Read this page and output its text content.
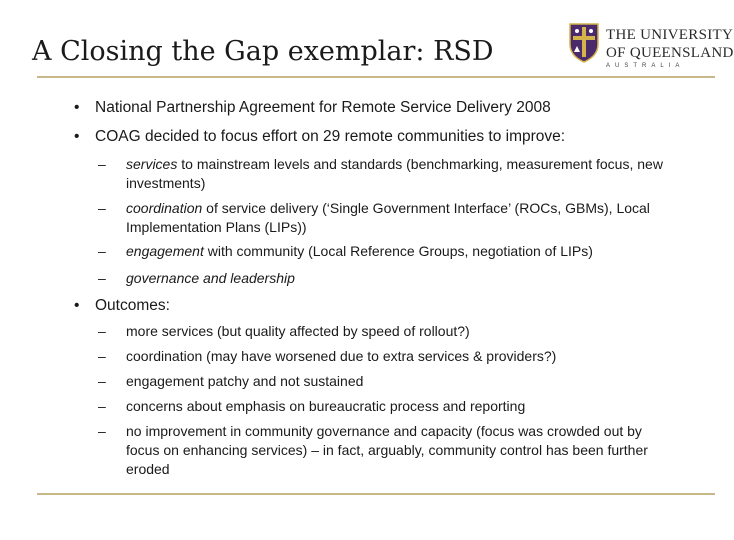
A Closing the Gap exemplar: RSD
THE UNIVERSITY
OF QUEENSLAND
AUSTRALIA
• National Partnership Agreement for Remote Service Delivery 2008
• COAG decided to focus effort on 29 remote communities to improve:
– services to mainstream levels and standards (benchmarking, measurement focus, new investments)
– coordination of service delivery (‘Single Government Interface’ (ROCs, GBMs), Local Implementation Plans (LIPs))
– engagement with community (Local Reference Groups, negotiation of LIPs)
– governance and leadership
• Outcomes:
– more services (but quality affected by speed of rollout?)
– coordination (may have worsened due to extra services & providers?)
– engagement patchy and not sustained
– concerns about emphasis on bureaucratic process and reporting
– no improvement in community governance and capacity (focus was crowded out by focus on enhancing services) – in fact, arguably, community control has been further eroded
